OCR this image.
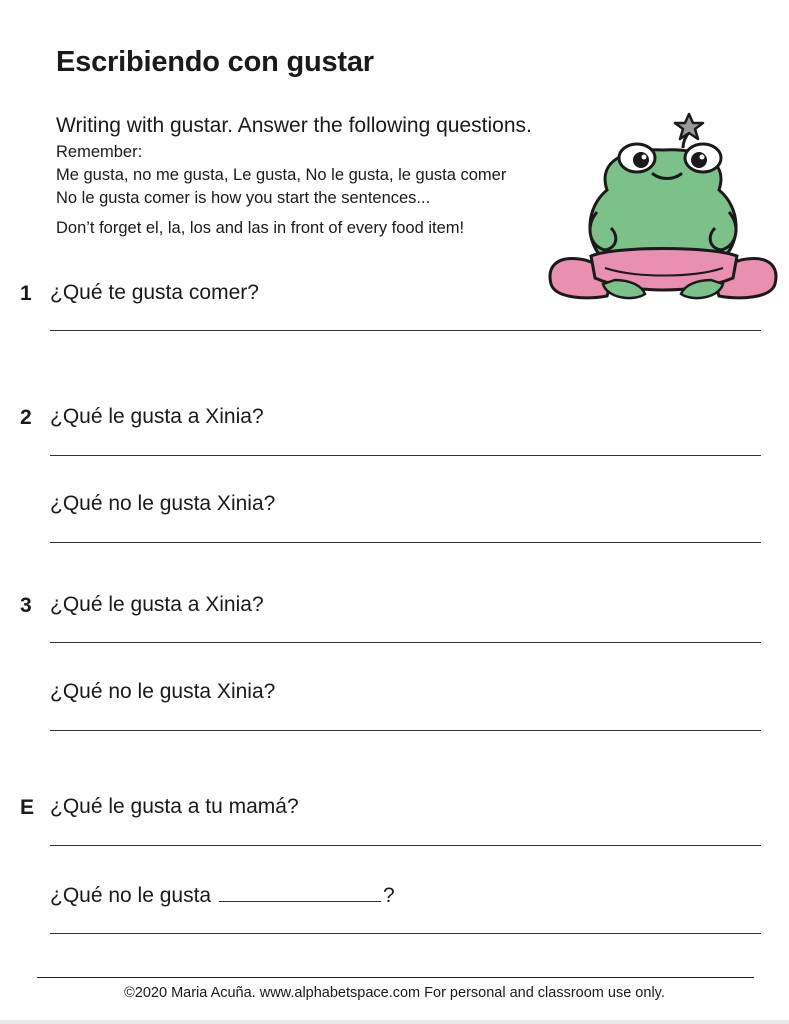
Escribiendo con gustar
Writing with gustar. Answer the following questions.
Remember:
Me gusta, no me gusta, Le gusta, No le gusta, le gusta comer
No le gusta comer is how you start the sentences...
Don’t forget el, la, los and las in front of every food item!
1 ¿Qué te gusta comer?
2 ¿Qué le gusta a Xinia?
¿Qué no le gusta Xinia?
3 ¿Qué le gusta a Xinia?
¿Qué no le gusta Xinia?
E ¿Qué le gusta a tu mamá?
¿Qué no le gusta	?
©2020 Maria Acuña. www.alphabetspace.com For personal and classroom use only.
